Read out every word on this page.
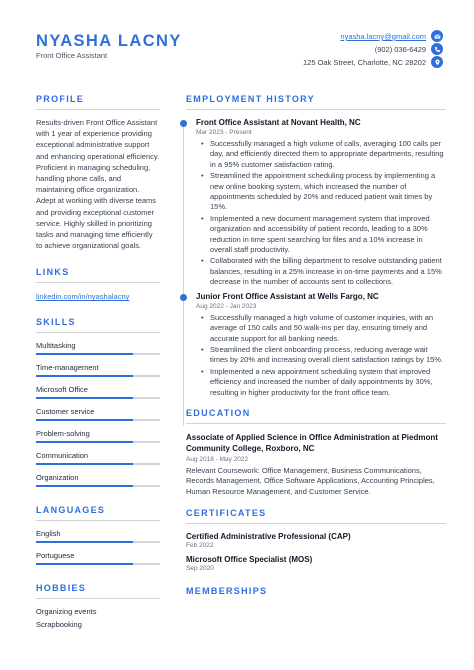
NYASHA LACNY
Front Office Assistant
nyasha.lacny@gmail.com
(902) 036-6429
125 Oak Street, Charlotte, NC 28202
PROFILE
Results-driven Front Office Assistant with 1 year of experience providing exceptional administrative support and enhancing operational efficiency. Proficient in managing scheduling, handling phone calls, and maintaining office organization. Adept at working with diverse teams and providing exceptional customer service. Highly skilled in prioritizing tasks and managing time efficiently to achieve organizational goals.
LINKS
linkedin.com/in/nyashalacny
SKILLS
Multitasking
Time-management
Microsoft Office
Customer service
Problem-solving
Communication
Organization
LANGUAGES
English
Portuguese
HOBBIES
Organizing events
Scrapbooking
EMPLOYMENT HISTORY
Front Office Assistant at Novant Health, NC
Mar 2023 - Present
• Successfully managed a high volume of calls, averaging 100 calls per day, and efficiently directed them to appropriate departments, resulting in a 95% customer satisfaction rating.
• Streamlined the appointment scheduling process by implementing a new online booking system, which increased the number of appointments scheduled by 20% and reduced patient wait times by 15%.
• Implemented a new document management system that improved organization and accessibility of patient records, leading to a 30% reduction in time spent searching for files and a 10% increase in overall staff productivity.
• Collaborated with the billing department to resolve outstanding patient balances, resulting in a 25% increase in on-time payments and a 15% decrease in the number of accounts sent to collections.
Junior Front Office Assistant at Wells Fargo, NC
Aug 2022 - Jan 2023
• Successfully managed a high volume of customer inquiries, with an average of 150 calls and 50 walk-ins per day, ensuring timely and accurate support for all banking needs.
• Streamlined the client onboarding process, reducing average wait times by 20% and increasing overall client satisfaction ratings by 15%.
• Implemented a new appointment scheduling system that improved efficiency and increased the number of daily appointments by 30%, resulting in higher productivity for the front office team.
EDUCATION
Associate of Applied Science in Office Administration at Piedmont Community College, Roxboro, NC
Aug 2018 - May 2022
Relevant Coursework: Office Management, Business Communications, Records Management, Office Software Applications, Accounting Principles, Human Resource Management, and Customer Service.
CERTIFICATES
Certified Administrative Professional (CAP)
Feb 2022
Microsoft Office Specialist (MOS)
Sep 2020
MEMBERSHIPS
